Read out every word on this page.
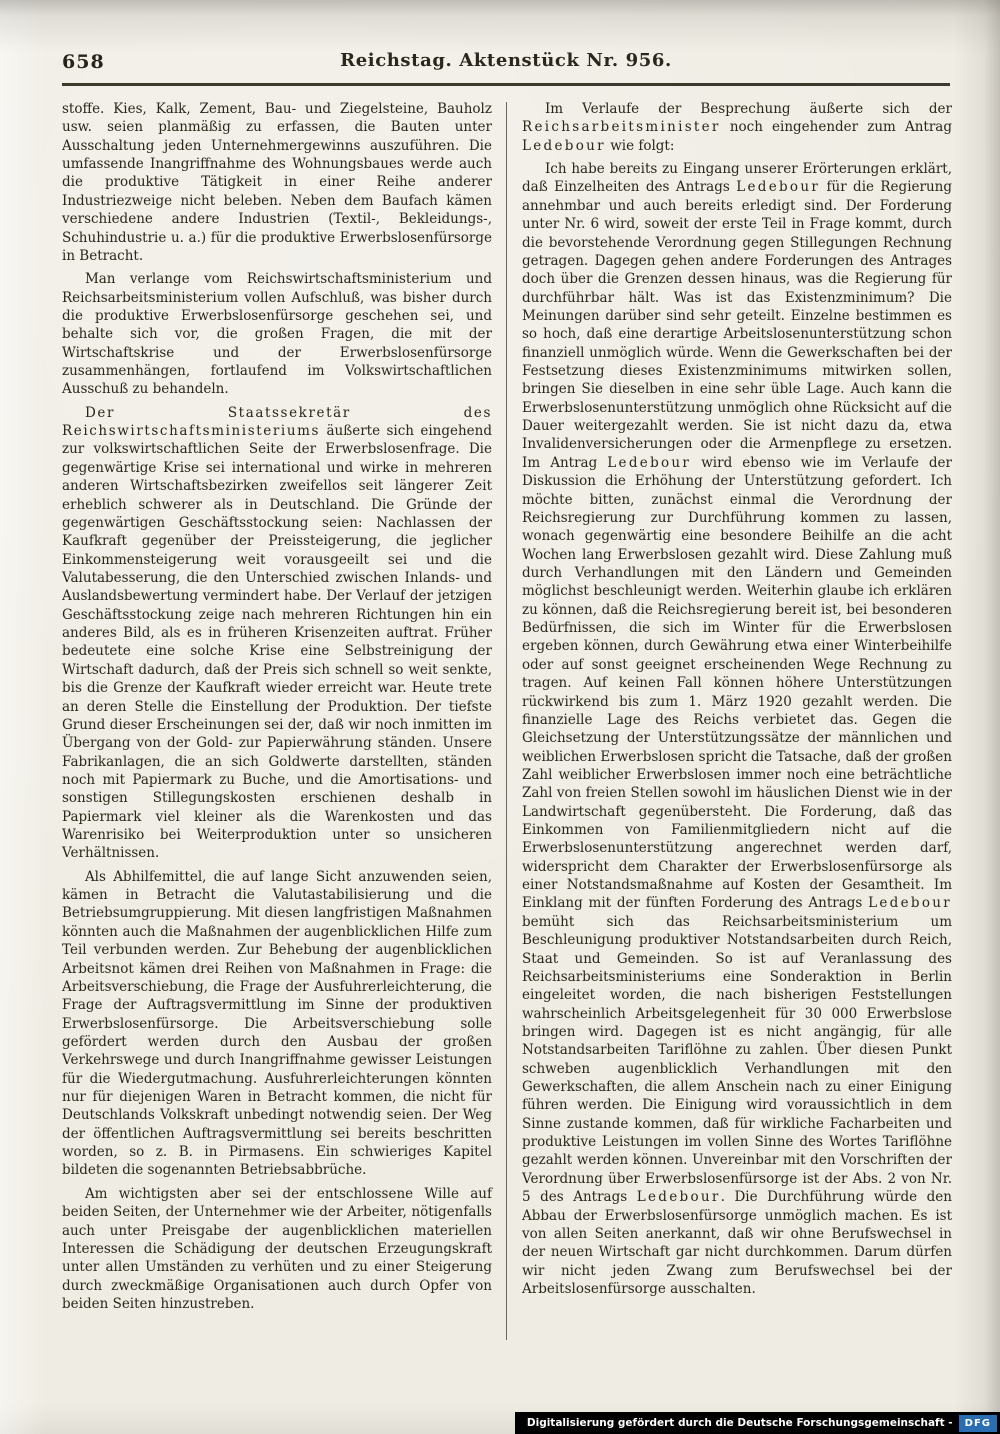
658	Reichstag. Aktenstück Nr. 956.

stoffe. Kies, Kalk, Zement, Bau- und Ziegelsteine, Bauholz usw. seien planmäßig zu erfassen, die Bauten unter Ausschaltung jeden Unternehmergewinns auszuführen. Die umfassende Inangriffnahme des Wohnungsbaues werde auch die produktive Tätigkeit in einer Reihe anderer Industriezweige nicht beleben. Neben dem Baufach kämen verschiedene andere Industrien (Textil-, Bekleidungs-, Schuhindustrie u. a.) für die produktive Erwerbslosenfürsorge in Betracht.

Man verlange vom Reichswirtschaftsministerium und Reichsarbeitsministerium vollen Aufschluß, was bisher durch die produktive Erwerbslosenfürsorge geschehen sei, und behalte sich vor, die großen Fragen, die mit der Wirtschaftskrise und der Erwerbslosenfürsorge zusammenhängen, fortlaufend im Volkswirtschaftlichen Ausschuß zu behandeln.

Der Staatssekretär des Reichswirtschaftsministeriums äußerte sich eingehend zur volkswirtschaftlichen Seite der Erwerbslosenfrage. Die gegenwärtige Krise sei international und wirke in mehreren anderen Wirtschaftsbezirken zweifellos seit längerer Zeit erheblich schwerer als in Deutschland. Die Gründe der gegenwärtigen Geschäftsstockung seien: Nachlassen der Kaufkraft gegenüber der Preissteigerung, die jeglicher Einkommensteigerung weit vorausgeeilt sei und die Valutabesserung, die den Unterschied zwischen Inlands- und Auslandsbewertung vermindert habe. Der Verlauf der jetzigen Geschäftsstockung zeige nach mehreren Richtungen hin ein anderes Bild, als es in früheren Krisenzeiten auftrat. Früher bedeutete eine solche Krise eine Selbstreinigung der Wirtschaft dadurch, daß der Preis sich schnell so weit senkte, bis die Grenze der Kaufkraft wieder erreicht war. Heute trete an deren Stelle die Einstellung der Produktion. Der tiefste Grund dieser Erscheinungen sei der, daß wir noch inmitten im Übergang von der Gold- zur Papierwährung ständen. Unsere Fabrikanlagen, die an sich Goldwerte darstellten, ständen noch mit Papiermark zu Buche, und die Amortisations- und sonstigen Stillegungskosten erschienen deshalb in Papiermark viel kleiner als die Warenkosten und das Warenrisiko bei Weiterproduktion unter so unsicheren Verhältnissen.

Als Abhilfemittel, die auf lange Sicht anzuwenden seien, kämen in Betracht die Valutastabilisierung und die Betriebsumgruppierung. Mit diesen langfristigen Maßnahmen könnten auch die Maßnahmen der augenblicklichen Hilfe zum Teil verbunden werden. Zur Behebung der augenblicklichen Arbeitsnot kämen drei Reihen von Maßnahmen in Frage: die Arbeitsverschiebung, die Frage der Ausfuhrerleichterung, die Frage der Auftragsvermittlung im Sinne der produktiven Erwerbslosenfürsorge. Die Arbeitsverschiebung solle gefördert werden durch den Ausbau der großen Verkehrswege und durch Inangriffnahme gewisser Leistungen für die Wiedergutmachung. Ausfuhrerleichterungen könnten nur für diejenigen Waren in Betracht kommen, die nicht für Deutschlands Volkskraft unbedingt notwendig seien. Der Weg der öffentlichen Auftragsvermittlung sei bereits beschritten worden, so z. B. in Pirmasens. Ein schwieriges Kapitel bildeten die sogenannten Betriebsabbrüche.

Am wichtigsten aber sei der entschlossene Wille auf beiden Seiten, der Unternehmer wie der Arbeiter, nötigenfalls auch unter Preisgabe der augenblicklichen materiellen Interessen die Schädigung der deutschen Erzeugungskraft unter allen Umständen zu verhüten und zu einer Steigerung durch zweckmäßige Organisationen auch durch Opfer von beiden Seiten hinzustreben.

Im Verlaufe der Besprechung äußerte sich der Reichsarbeitsminister noch eingehender zum Antrag Ledebour wie folgt:

Ich habe bereits zu Eingang unserer Erörterungen erklärt, daß Einzelheiten des Antrags Ledebour für die Regierung annehmbar und auch bereits erledigt sind. Der Forderung unter Nr. 6 wird, soweit der erste Teil in Frage kommt, durch die bevorstehende Verordnung gegen Stillegungen Rechnung getragen. Dagegen gehen andere Forderungen des Antrages doch über die Grenzen dessen hinaus, was die Regierung für durchführbar hält. Was ist das Existenzminimum? Die Meinungen darüber sind sehr geteilt. Einzelne bestimmen es so hoch, daß eine derartige Arbeitslosenunterstützung schon finanziell unmöglich würde. Wenn die Gewerkschaften bei der Festsetzung dieses Existenzminimums mitwirken sollen, bringen Sie dieselben in eine sehr üble Lage. Auch kann die Erwerbslosenunterstützung unmöglich ohne Rücksicht auf die Dauer weitergezahlt werden. Sie ist nicht dazu da, etwa Invalidenversicherungen oder die Armenpflege zu ersetzen. Im Antrag Ledebour wird ebenso wie im Verlaufe der Diskussion die Erhöhung der Unterstützung gefordert. Ich möchte bitten, zunächst einmal die Verordnung der Reichsregierung zur Durchführung kommen zu lassen, wonach gegenwärtig eine besondere Beihilfe an die acht Wochen lang Erwerbslosen gezahlt wird. Diese Zahlung muß durch Verhandlungen mit den Ländern und Gemeinden möglichst beschleunigt werden. Weiterhin glaube ich erklären zu können, daß die Reichsregierung bereit ist, bei besonderen Bedürfnissen, die sich im Winter für die Erwerbslosen ergeben können, durch Gewährung etwa einer Winterbeihilfe oder auf sonst geeignet erscheinenden Wege Rechnung zu tragen. Auf keinen Fall können höhere Unterstützungen rückwirkend bis zum 1. März 1920 gezahlt werden. Die finanzielle Lage des Reichs verbietet das. Gegen die Gleichsetzung der Unterstützungssätze der männlichen und weiblichen Erwerbslosen spricht die Tatsache, daß der großen Zahl weiblicher Erwerbslosen immer noch eine beträchtliche Zahl von freien Stellen sowohl im häuslichen Dienst wie in der Landwirtschaft gegenübersteht. Die Forderung, daß das Einkommen von Familienmitgliedern nicht auf die Erwerbslosenunterstützung angerechnet werden darf, widerspricht dem Charakter der Erwerbslosenfürsorge als einer Notstandsmaßnahme auf Kosten der Gesamtheit. Im Einklang mit der fünften Forderung des Antrags Ledebour bemüht sich das Reichsarbeitsministerium um Beschleunigung produktiver Notstandsarbeiten durch Reich, Staat und Gemeinden. So ist auf Veranlassung des Reichsarbeitsministeriums eine Sonderaktion in Berlin eingeleitet worden, die nach bisherigen Feststellungen wahrscheinlich Arbeitsgelegenheit für 30 000 Erwerbslose bringen wird. Dagegen ist es nicht angängig, für alle Notstandsarbeiten Tariflöhne zu zahlen. Über diesen Punkt schweben augenblicklich Verhandlungen mit den Gewerkschaften, die allem Anschein nach zu einer Einigung führen werden. Die Einigung wird voraussichtlich in dem Sinne zustande kommen, daß für wirkliche Facharbeiten und produktive Leistungen im vollen Sinne des Wortes Tariflöhne gezahlt werden können. Unvereinbar mit den Vorschriften der Verordnung über Erwerbslosenfürsorge ist der Abs. 2 von Nr. 5 des Antrags Ledebour. Die Durchführung würde den Abbau der Erwerbslosenfürsorge unmöglich machen. Es ist von allen Seiten anerkannt, daß wir ohne Berufswechsel in der neuen Wirtschaft gar nicht durchkommen. Darum dürfen wir nicht jeden Zwang zum Berufswechsel bei der Arbeitslosenfürsorge ausschalten.

Digitalisierung gefördert durch die Deutsche Forschungsgemeinschaft -	DFG
